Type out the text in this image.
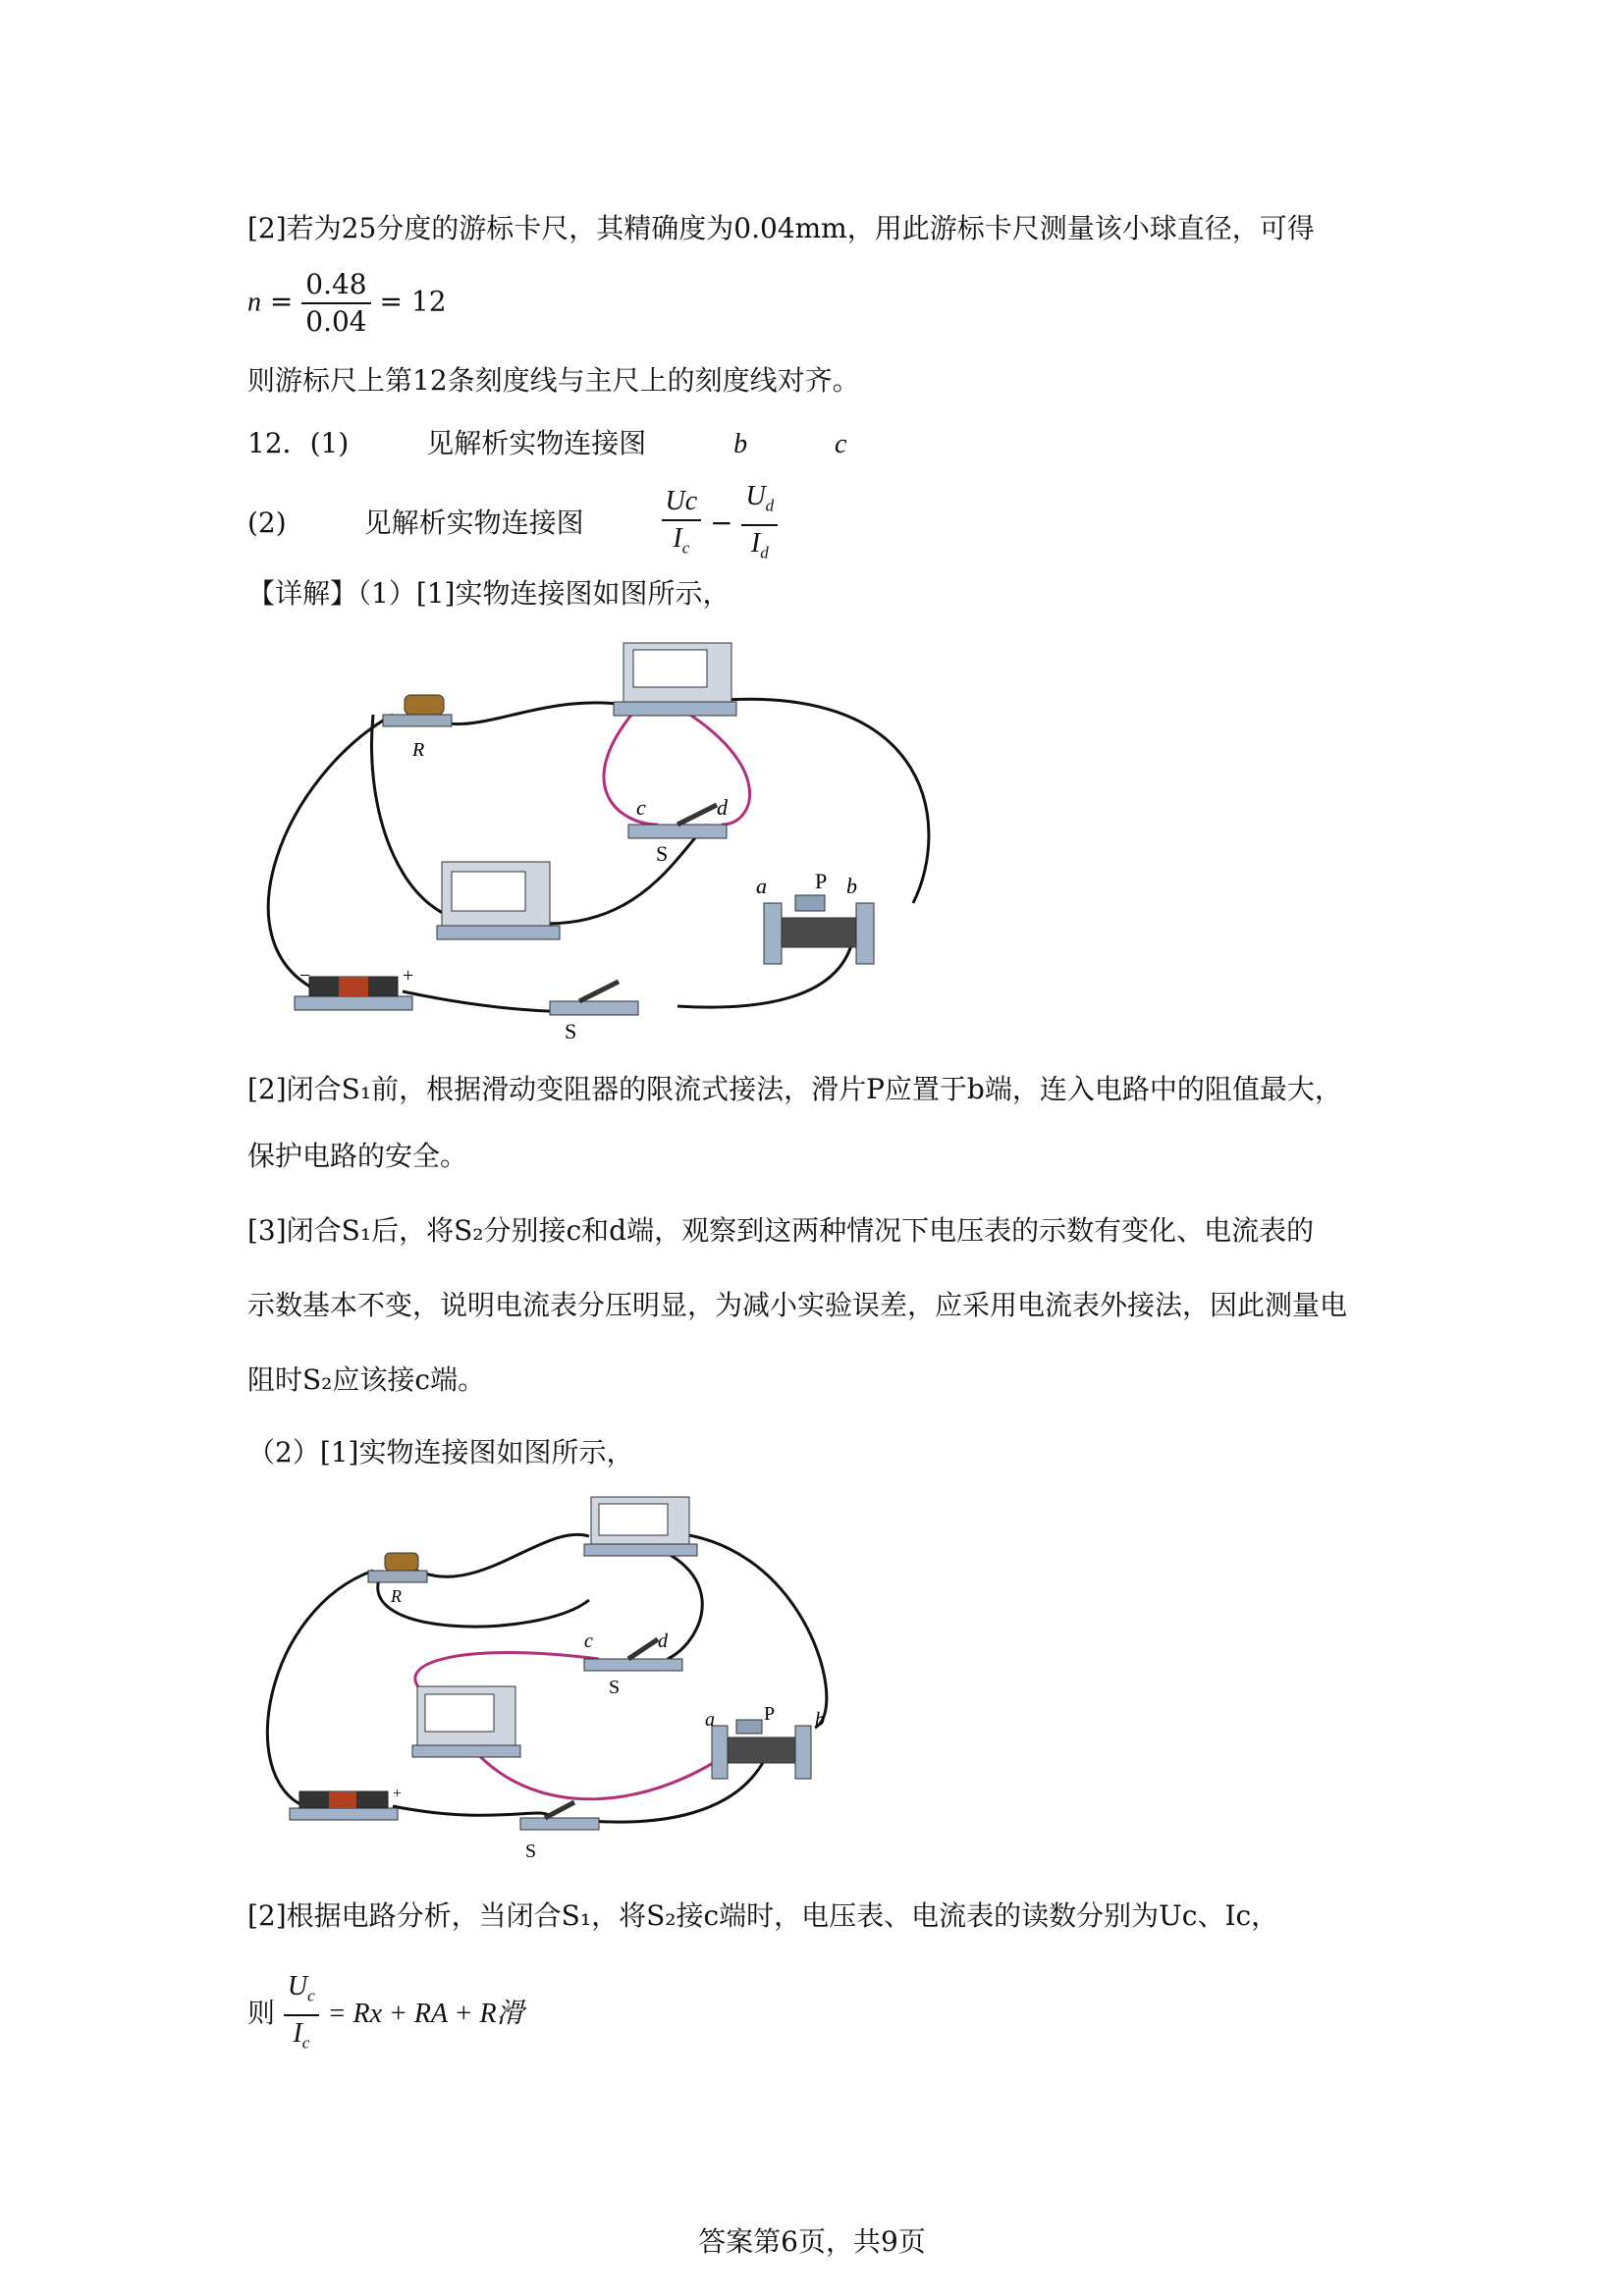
[2]若为25分度的游标卡尺，其精确度为0.04mm，用此游标卡尺测量该小球直径，可得
$n = \frac{0.48}{0.04} = 12$
则游标尺上第12条刻度线与主尺上的刻度线对齐。
12．(1)	见解析实物连接图	b	c
(2)	见解析实物连接图	$\frac{Uc}{I_c} - \frac{U_d}{I_d}$
【详解】（1）[1]实物连接图如图所示，
R
c	d
S
a P b
−	+
S
[2]闭合S₁前，根据滑动变阻器的限流式接法，滑片P应置于b端，连入电路中的阻值最大，
保护电路的安全。
[3]闭合S₁后，将S₂分别接c和d端，观察到这两种情况下电压表的示数有变化、电流表的
示数基本不变，说明电流表分压明显，为减小实验误差，应采用电流表外接法，因此测量电
阻时S₂应该接c端。
（2）[1]实物连接图如图所示，
R
c	d
S
a	P b
+
S
[2]根据电路分析，当闭合S₁，将S₂接c端时，电压表、电流表的读数分别为Uc、Ic，
则 $\frac{U_c}{I_c} = Rx$ + RA + R滑
答案第6页，共9页
